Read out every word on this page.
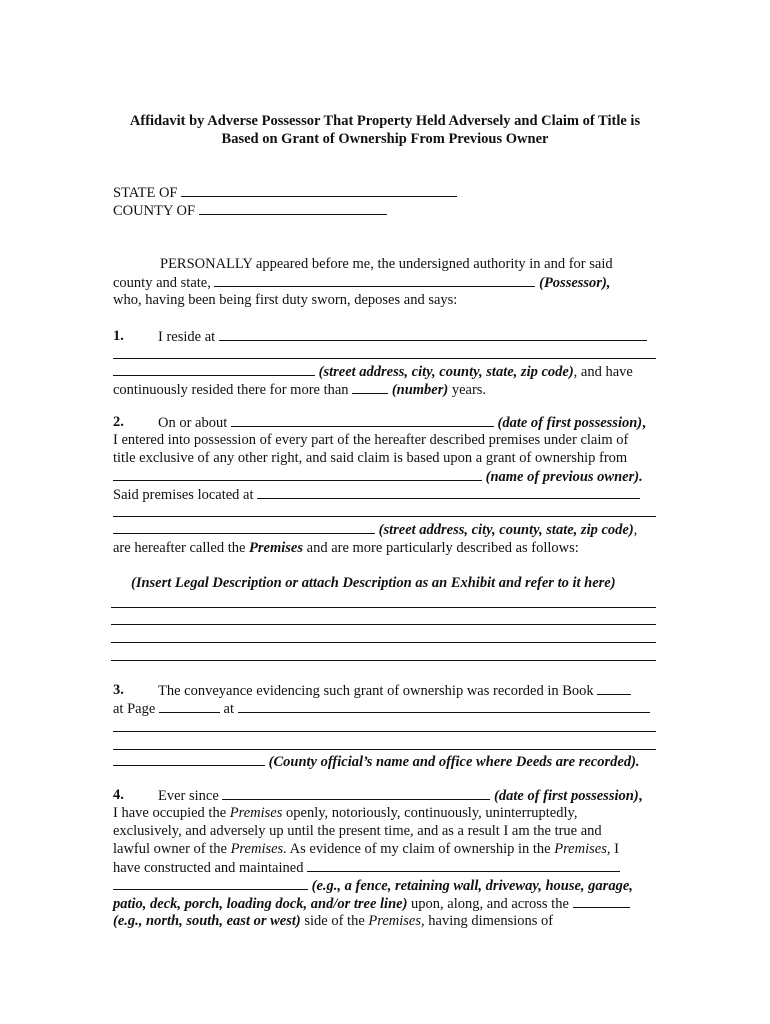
Affidavit by Adverse Possessor That Property Held Adversely and Claim of Title is
Based on Grant of Ownership From Previous Owner
STATE OF
COUNTY OF
PERSONALLY appeared before me, the undersigned authority in and for said
county and state,	(Possessor),
who, having been being first duty sworn, deposes and says:
1. I reside at
(street address, city, county, state, zip code), and have
continuously resided there for more than	(number) years.
2. On or about	(date of first possession),
I entered into possession of every part of the hereafter described premises under claim of
title exclusive of any other right, and said claim is based upon a grant of ownership from
(name of previous owner).
Said premises located at
(street address, city, county, state, zip code),
are hereafter called the Premises and are more particularly described as follows:
(Insert Legal Description or attach Description as an Exhibit and refer to it here)
3. The conveyance evidencing such grant of ownership was recorded in Book
at Page	at
(County official’s name and office where Deeds are recorded).
4. Ever since	(date of first possession),
I have occupied the Premises openly, notoriously, continuously, uninterruptedly,
exclusively, and adversely up until the present time, and as a result I am the true and
lawful owner of the Premises. As evidence of my claim of ownership in the Premises, I
have constructed and maintained
(e.g., a fence, retaining wall, driveway, house, garage,
patio, deck, porch, loading dock, and/or tree line) upon, along, and across the
(e.g., north, south, east or west) side of the Premises, having dimensions of
